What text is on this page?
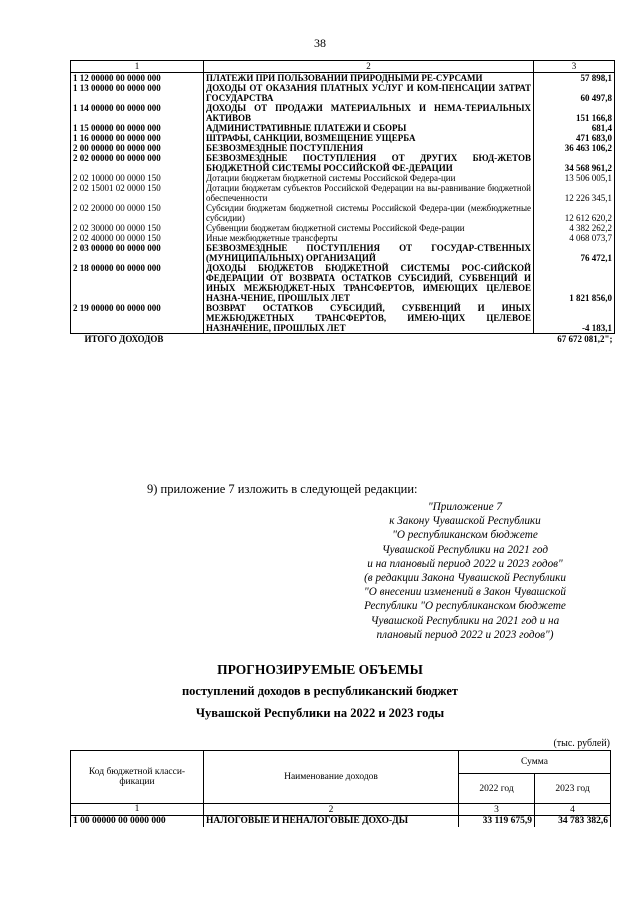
38
1	2	3
1 12 00000 00 0000 000	ПЛАТЕЖИ ПРИ ПОЛЬЗОВАНИИ ПРИРОДНЫМИ РЕ-СУРСАМИ	57 898,1
1 13 00000 00 0000 000	ДОХОДЫ ОТ ОКАЗАНИЯ ПЛАТНЫХ УСЛУГ И КОМ-ПЕНСАЦИИ ЗАТРАТ ГОСУДАРСТВА	60 497,8
1 14 00000 00 0000 000	ДОХОДЫ ОТ ПРОДАЖИ МАТЕРИАЛЬНЫХ И НЕМА-ТЕРИАЛЬНЫХ АКТИВОВ	151 166,8
1 15 00000 00 0000 000	АДМИНИСТРАТИВНЫЕ ПЛАТЕЖИ И СБОРЫ	681,4
1 16 00000 00 0000 000	ШТРАФЫ, САНКЦИИ, ВОЗМЕЩЕНИЕ УЩЕРБА	471 683,0
2 00 00000 00 0000 000	БЕЗВОЗМЕЗДНЫЕ ПОСТУПЛЕНИЯ	36 463 106,2
2 02 00000 00 0000 000	БЕЗВОЗМЕЗДНЫЕ ПОСТУПЛЕНИЯ ОТ ДРУГИХ БЮД-ЖЕТОВ БЮДЖЕТНОЙ СИСТЕМЫ РОССИЙСКОЙ ФЕ-ДЕРАЦИИ	34 568 961,2
2 02 10000 00 0000 150	Дотации бюджетам бюджетной системы Российской Федера-ции	13 506 005,1
2 02 15001 02 0000 150	Дотации бюджетам субъектов Российской Федерации на вы-равнивание бюджетной обеспеченности	12 226 345,1
2 02 20000 00 0000 150	Субсидии бюджетам бюджетной системы Российской Федера-ции (межбюджетные субсидии)	12 612 620,2
2 02 30000 00 0000 150	Субвенции бюджетам бюджетной системы Российской Феде-рации	4 382 262,2
2 02 40000 00 0000 150	Иные межбюджетные трансферты	4 068 073,7
2 03 00000 00 0000 000	БЕЗВОЗМЕЗДНЫЕ ПОСТУПЛЕНИЯ ОТ ГОСУДАР-СТВЕННЫХ (МУНИЦИПАЛЬНЫХ) ОРГАНИЗАЦИЙ	76 472,1
2 18 00000 00 0000 000	ДОХОДЫ БЮДЖЕТОВ БЮДЖЕТНОЙ СИСТЕМЫ РОС-СИЙСКОЙ ФЕДЕРАЦИИ ОТ ВОЗВРАТА ОСТАТКОВ СУБСИДИЙ, СУБВЕНЦИЙ И ИНЫХ МЕЖБЮДЖЕТ-НЫХ ТРАНСФЕРТОВ, ИМЕЮЩИХ ЦЕЛЕВОЕ НАЗНА-ЧЕНИЕ, ПРОШЛЫХ ЛЕТ	1 821 856,0
2 19 00000 00 0000 000	ВОЗВРАТ ОСТАТКОВ СУБСИДИЙ, СУБВЕНЦИЙ И ИНЫХ МЕЖБЮДЖЕТНЫХ ТРАНСФЕРТОВ, ИМЕЮ-ЩИХ ЦЕЛЕВОЕ НАЗНАЧЕНИЕ, ПРОШЛЫХ ЛЕТ	-4 183,1
ИТОГО ДОХОДОВ		67 672 081,2";
9) приложение 7 изложить в следующей редакции:
"Приложение 7
к Закону Чувашской Республики
"О республиканском бюджете
Чувашской Республики на 2021 год
и на плановый период 2022 и 2023 годов"
(в редакции Закона Чувашской Республики
"О внесении изменений в Закон Чувашской
Республики "О республиканском бюджете
Чувашской Республики на 2021 год и на
плановый период 2022 и 2023 годов")
ПРОГНОЗИРУЕМЫЕ ОБЪЕМЫ
поступлений доходов в республиканский бюджет
Чувашской Республики на 2022 и 2023 годы
(тыс. рублей)
Код бюджетной класси-фикации	Наименование доходов	Сумма	
		2022 год	2023 год
1	2	3	4
1 00 00000 00 0000 000	НАЛОГОВЫЕ И НЕНАЛОГОВЫЕ ДОХО-ДЫ	33 119 675,9	34 783 382,6
